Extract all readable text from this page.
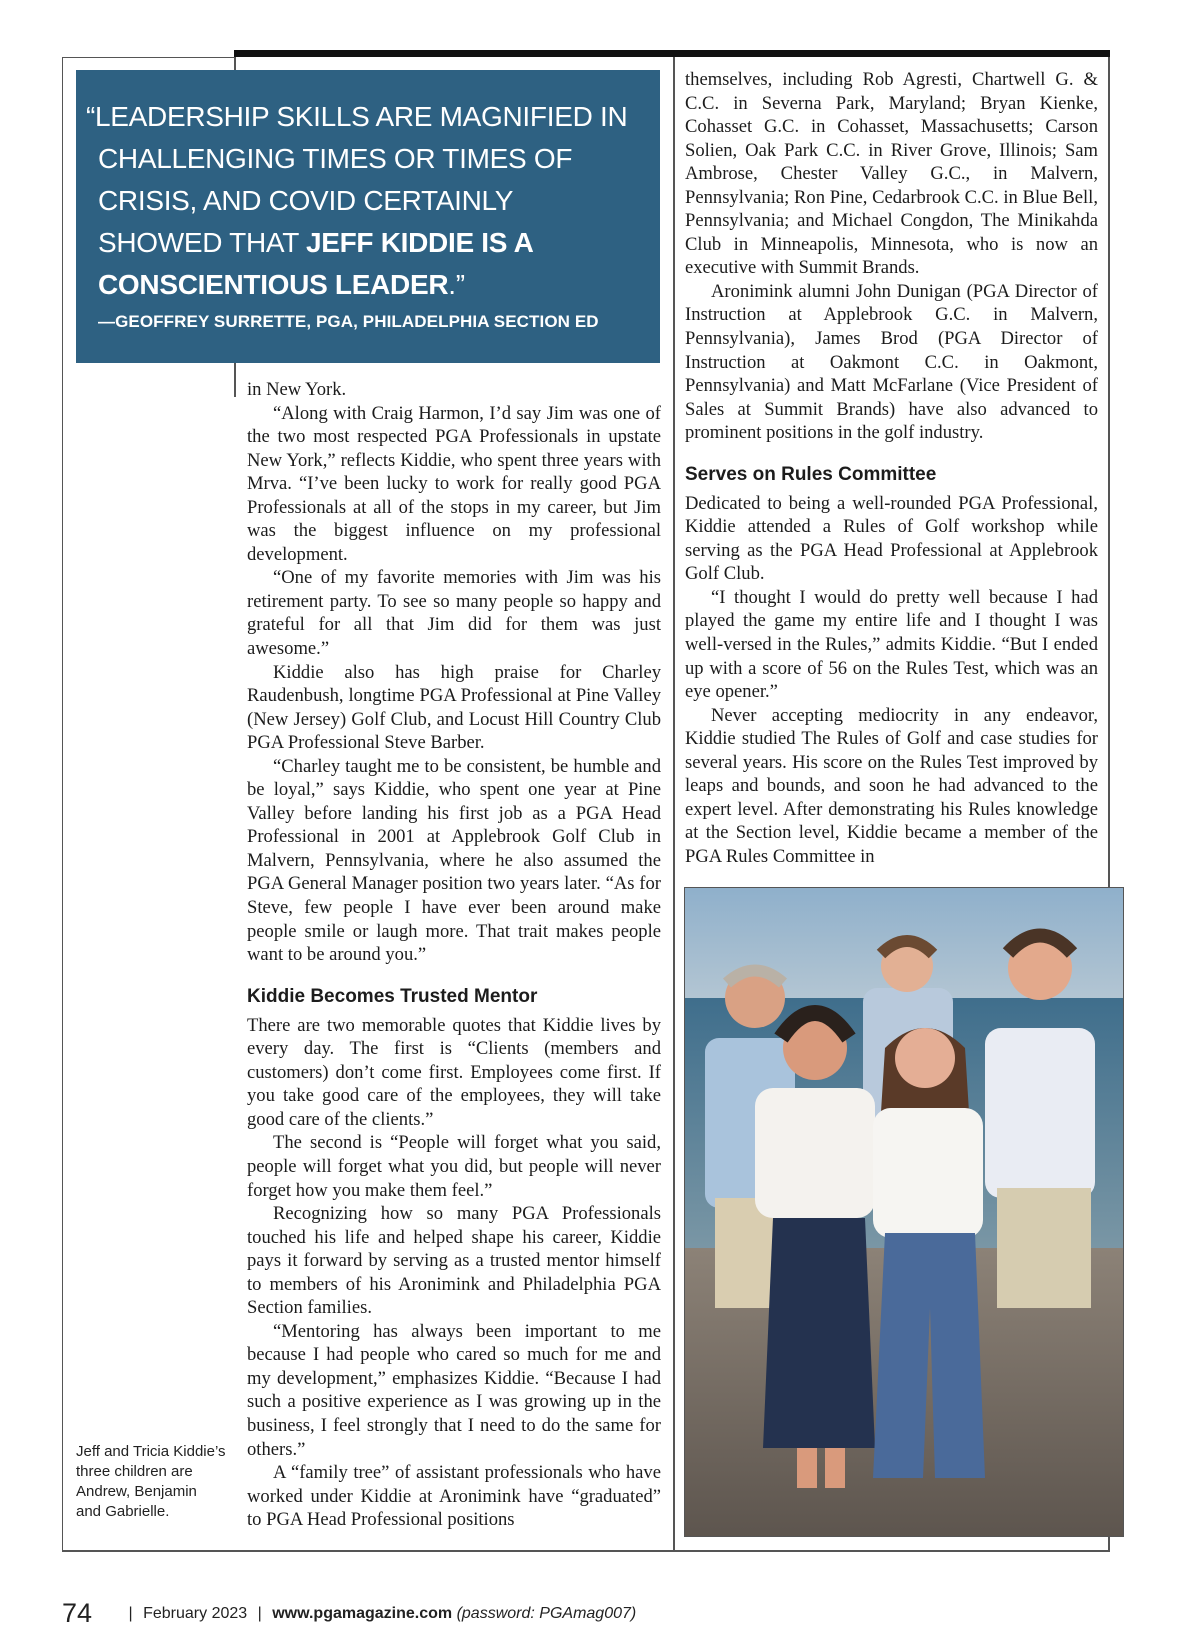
“LEADERSHIP SKILLS ARE MAGNIFIED IN CHALLENGING TIMES OR TIMES OF CRISIS, AND COVID CERTAINLY SHOWED THAT JEFF KIDDIE IS A CONSCIENTIOUS LEADER.”
—GEOFFREY SURRETTE, PGA, PHILADELPHIA SECTION ED

in New York.

“Along with Craig Harmon, I’d say Jim was one of the two most respected PGA Professionals in upstate New York,” reflects Kiddie, who spent three years with Mrva. “I’ve been lucky to work for really good PGA Professionals at all of the stops in my career, but Jim was the biggest influence on my professional development.

“One of my favorite memories with Jim was his retirement party. To see so many people so happy and grateful for all that Jim did for them was just awesome.”

Kiddie also has high praise for Charley Raudenbush, longtime PGA Professional at Pine Valley (New Jersey) Golf Club, and Locust Hill Country Club PGA Professional Steve Barber.

“Charley taught me to be consistent, be humble and be loyal,” says Kiddie, who spent one year at Pine Valley before landing his first job as a PGA Head Professional in 2001 at Applebrook Golf Club in Malvern, Pennsylvania, where he also assumed the PGA General Manager position two years later. “As for Steve, few people I have ever been around make people smile or laugh more. That trait makes people want to be around you.”

Kiddie Becomes Trusted Mentor

There are two memorable quotes that Kiddie lives by every day. The first is “Clients (members and customers) don’t come first. Employees come first. If you take good care of the employees, they will take good care of the clients.”

The second is “People will forget what you said, people will forget what you did, but people will never forget how you make them feel.”

Recognizing how so many PGA Professionals touched his life and helped shape his career, Kiddie pays it forward by serving as a trusted mentor himself to members of his Aronimink and Philadelphia PGA Section families.

“Mentoring has always been important to me because I had people who cared so much for me and my development,” emphasizes Kiddie. “Because I had such a positive experience as I was growing up in the business, I feel strongly that I need to do the same for others.”

A “family tree” of assistant professionals who have worked under Kiddie at Aronimink have “graduated” to PGA Head Professional positions

themselves, including Rob Agresti, Chartwell G. & C.C. in Severna Park, Maryland; Bryan Kienke, Cohasset G.C. in Cohasset, Massachusetts; Carson Solien, Oak Park C.C. in River Grove, Illinois; Sam Ambrose, Chester Valley G.C., in Malvern, Pennsylvania; Ron Pine, Cedarbrook C.C. in Blue Bell, Pennsylvania; and Michael Congdon, The Minikahda Club in Minneapolis, Minnesota, who is now an executive with Summit Brands.

Aronimink alumni John Dunigan (PGA Director of Instruction at Applebrook G.C. in Malvern, Pennsylvania), James Brod (PGA Director of Instruction at Oakmont C.C. in Oakmont, Pennsylvania) and Matt McFarlane (Vice President of Sales at Summit Brands) have also advanced to prominent positions in the golf industry.

Serves on Rules Committee

Dedicated to being a well-rounded PGA Professional, Kiddie attended a Rules of Golf workshop while serving as the PGA Head Professional at Applebrook Golf Club.

“I thought I would do pretty well because I had played the game my entire life and I thought I was well-versed in the Rules,” admits Kiddie. “But I ended up with a score of 56 on the Rules Test, which was an eye opener.”

Never accepting mediocrity in any endeavor, Kiddie studied The Rules of Golf and case studies for several years. His score on the Rules Test improved by leaps and bounds, and soon he had advanced to the expert level. After demonstrating his Rules knowledge at the Section level, Kiddie became a member of the PGA Rules Committee in

Jeff and Tricia Kiddie’s three children are Andrew, Benjamin and Gabrielle.
74 | February 2023 | www.pgamagazine.com (password: PGAmag007)
